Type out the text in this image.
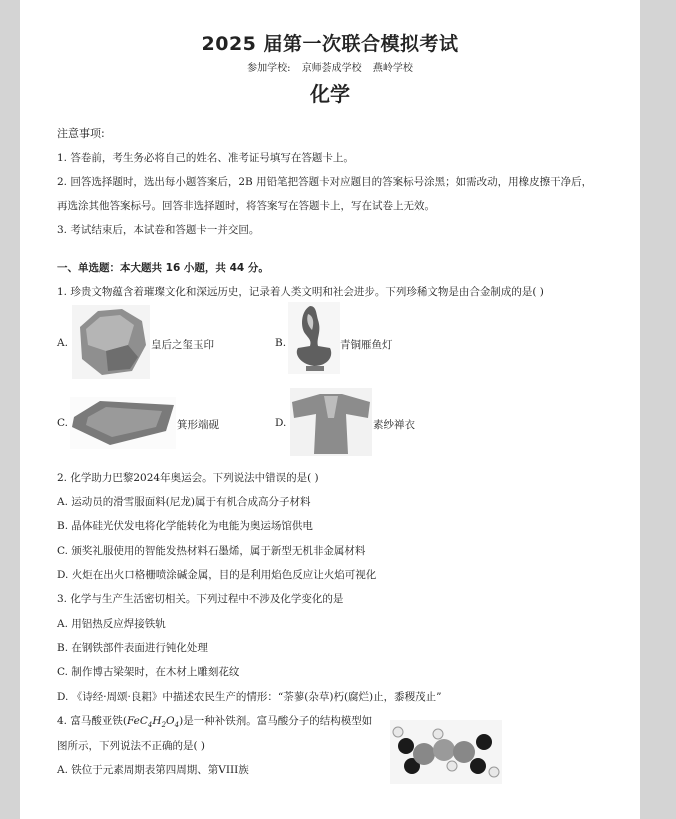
2025 届第一次联合模拟考试
参加学校: 京师荟成学校 燕岭学校
化学
注意事项:
1. 答卷前，考生务必将自己的姓名、准考证号填写在答题卡上。
2. 回答选择题时，选出每小题答案后，2B 用铅笔把答题卡对应题目的答案标号涂黑；如需改动，用橡皮擦干净后，
再选涂其他答案标号。回答非选择题时，将答案写在答题卡上，写在试卷上无效。
3. 考试结束后，本试卷和答题卡一并交回。
一、单选题：本大题共 16 小题，共 44 分。
1. 珍贵文物蕴含着璀璨文化和深远历史，记录着人类文明和社会进步。下列珍稀文物是由合金制成的是( )
A.	皇后之玺玉印	B.	青铜雁鱼灯
C.	箕形端砚	D.	素纱禅衣
2. 化学助力巴黎2024年奥运会。下列说法中错误的是( )
A. 运动员的滑雪服面料(尼龙)属于有机合成高分子材料
B. 晶体硅光伏发电将化学能转化为电能为奥运场馆供电
C. 颁奖礼服使用的智能发热材料石墨烯，属于新型无机非金属材料
D. 火炬在出火口格栅喷涂碱金属，目的是利用焰色反应让火焰可视化
3. 化学与生产生活密切相关。下列过程中不涉及化学变化的是
A. 用铝热反应焊接铁轨
B. 在钢铁部件表面进行钝化处理
C. 制作博古梁架时，在木材上雕刻花纹
D. 《诗经·周颂·良耜》中描述农民生产的情形：“荼蓼(杂草)朽(腐烂)止，黍稷茂止”
4. 富马酸亚铁$(FeC_4H_2O_4)$是一种补铁剂。富马酸分子的结构模型如
图所示，下列说法不正确的是( )
A. 铁位于元素周期表第四周期、第VIII族
